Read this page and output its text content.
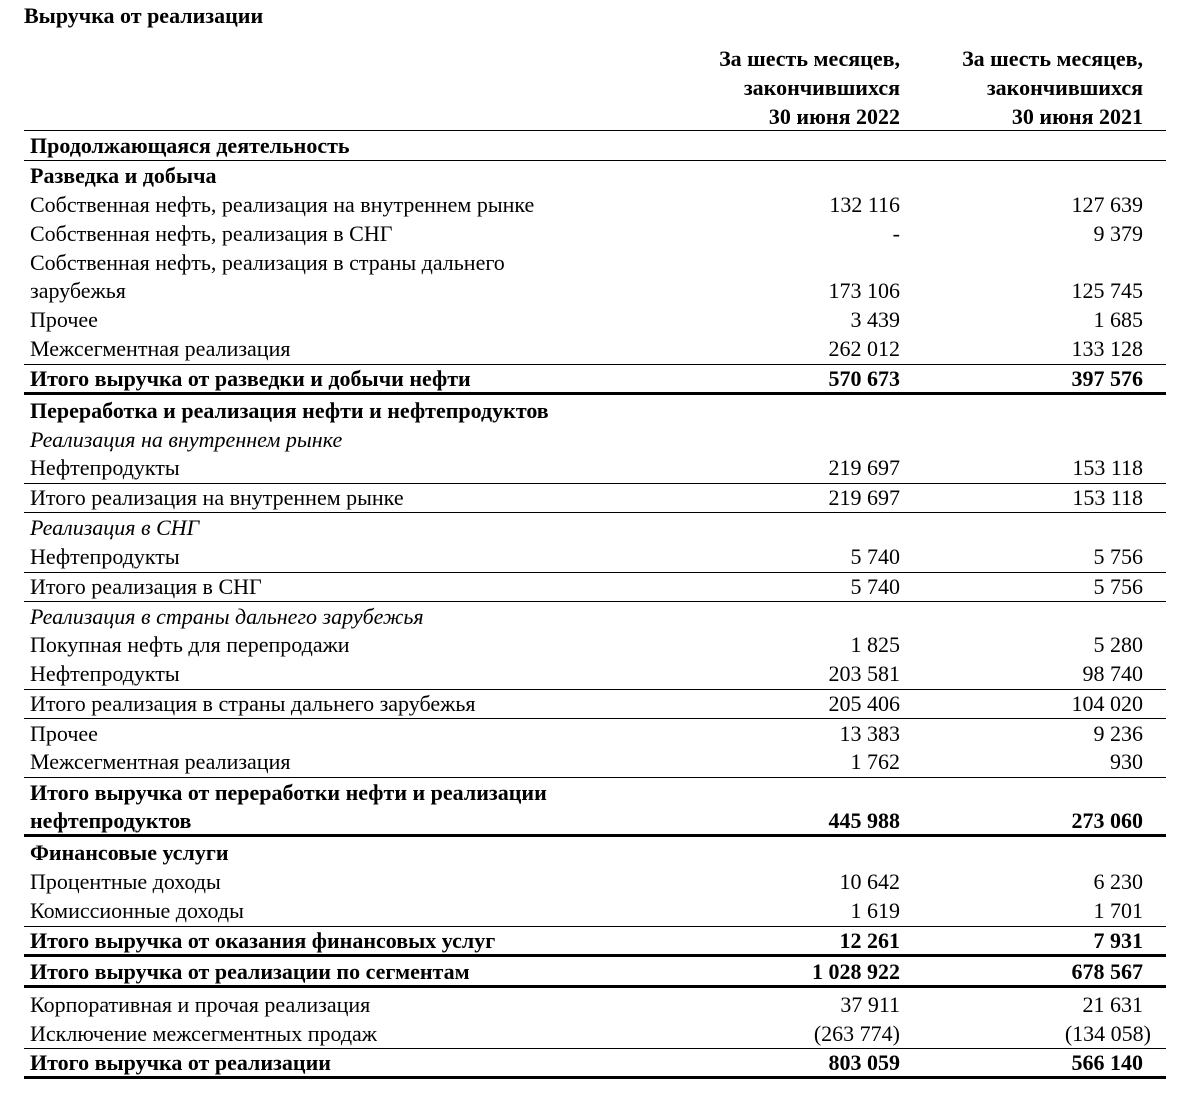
Выручка от реализации
За шесть месяцев,
закончившихся
30 июня 2022
За шесть месяцев,
закончившихся
30 июня 2021
Продолжающаяся деятельность
Разведка и добыча
Собственная нефть, реализация на внутреннем рынке	132 116	127 639
Собственная нефть, реализация в СНГ	-	9 379
Собственная нефть, реализация в страны дальнего
зарубежья	173 106	125 745
Прочее	3 439	1 685
Межсегментная реализация	262 012	133 128
Итого выручка от разведки и добычи нефти	570 673	397 576
Переработка и реализация нефти и нефтепродуктов
Реализация на внутреннем рынке
Нефтепродукты	219 697	153 118
Итого реализация на внутреннем рынке	219 697	153 118
Реализация в СНГ
Нефтепродукты	5 740	5 756
Итого реализация в СНГ	5 740	5 756
Реализация в страны дальнего зарубежья
Покупная нефть для перепродажи	1 825	5 280
Нефтепродукты	203 581	98 740
Итого реализация в страны дальнего зарубежья	205 406	104 020
Прочее	13 383	9 236
Межсегментная реализация	1 762	930
Итого выручка от переработки нефти и реализации
нефтепродуктов	445 988	273 060
Финансовые услуги
Процентные доходы	10 642	6 230
Комиссионные доходы	1 619	1 701
Итого выручка от оказания финансовых услуг	12 261	7 931
Итого выручка от реализации по сегментам	1 028 922	678 567
Корпоративная и прочая реализация	37 911	21 631
Исключение межсегментных продаж	(263 774)	(134 058)
Итого выручка от реализации	803 059	566 140
